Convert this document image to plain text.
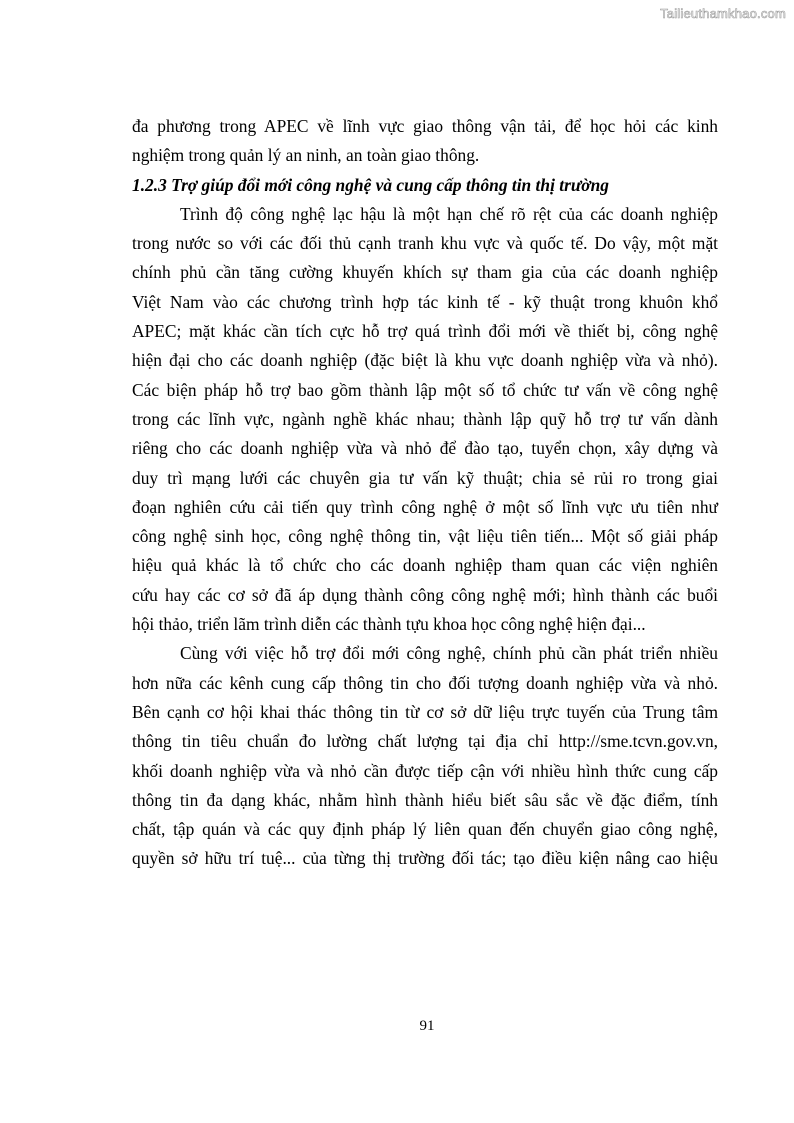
Tailieuthamkhao.com
đa phương trong APEC về lĩnh vực giao thông vận tải, để học hỏi các kinh
nghiệm trong quản lý an ninh, an toàn giao thông.
1.2.3 Trợ giúp đổi mới công nghệ và cung cấp thông tin thị trường
Trình độ công nghệ lạc hậu là một hạn chế rõ rệt của các doanh nghiệp
trong nước so với các đối thủ cạnh tranh khu vực và quốc tế. Do vậy, một mặt
chính phủ cần tăng cường khuyến khích sự tham gia của các doanh nghiệp
Việt Nam vào các chương trình hợp tác kinh tế - kỹ thuật trong khuôn khổ
APEC; mặt khác cần tích cực hỗ trợ quá trình đổi mới về thiết bị, công nghệ
hiện đại cho các doanh nghiệp (đặc biệt là khu vực doanh nghiệp vừa và nhỏ).
Các biện pháp hỗ trợ bao gồm thành lập một số tổ chức tư vấn về công nghệ
trong các lĩnh vực, ngành nghề khác nhau; thành lập quỹ hỗ trợ tư vấn dành
riêng cho các doanh nghiệp vừa và nhỏ để đào tạo, tuyển chọn, xây dựng và
duy trì mạng lưới các chuyên gia tư vấn kỹ thuật; chia sẻ rủi ro trong giai
đoạn nghiên cứu cải tiến quy trình công nghệ ở một số lĩnh vực ưu tiên như
công nghệ sinh học, công nghệ thông tin, vật liệu tiên tiến... Một số giải pháp
hiệu quả khác là tổ chức cho các doanh nghiệp tham quan các viện nghiên
cứu hay các cơ sở đã áp dụng thành công công nghệ mới; hình thành các buổi
hội thảo, triển lãm trình diễn các thành tựu khoa học công nghệ hiện đại...
Cùng với việc hỗ trợ đổi mới công nghệ, chính phủ cần phát triển nhiều
hơn nữa các kênh cung cấp thông tin cho đối tượng doanh nghiệp vừa và nhỏ.
Bên cạnh cơ hội khai thác thông tin từ cơ sở dữ liệu trực tuyến của Trung tâm
thông tin tiêu chuẩn đo lường chất lượng tại địa chỉ http://sme.tcvn.gov.vn,
khối doanh nghiệp vừa và nhỏ cần được tiếp cận với nhiều hình thức cung cấp
thông tin đa dạng khác, nhằm hình thành hiểu biết sâu sắc về đặc điểm, tính
chất, tập quán và các quy định pháp lý liên quan đến chuyển giao công nghệ,
quyền sở hữu trí tuệ... của từng thị trường đối tác; tạo điều kiện nâng cao hiệu
91
